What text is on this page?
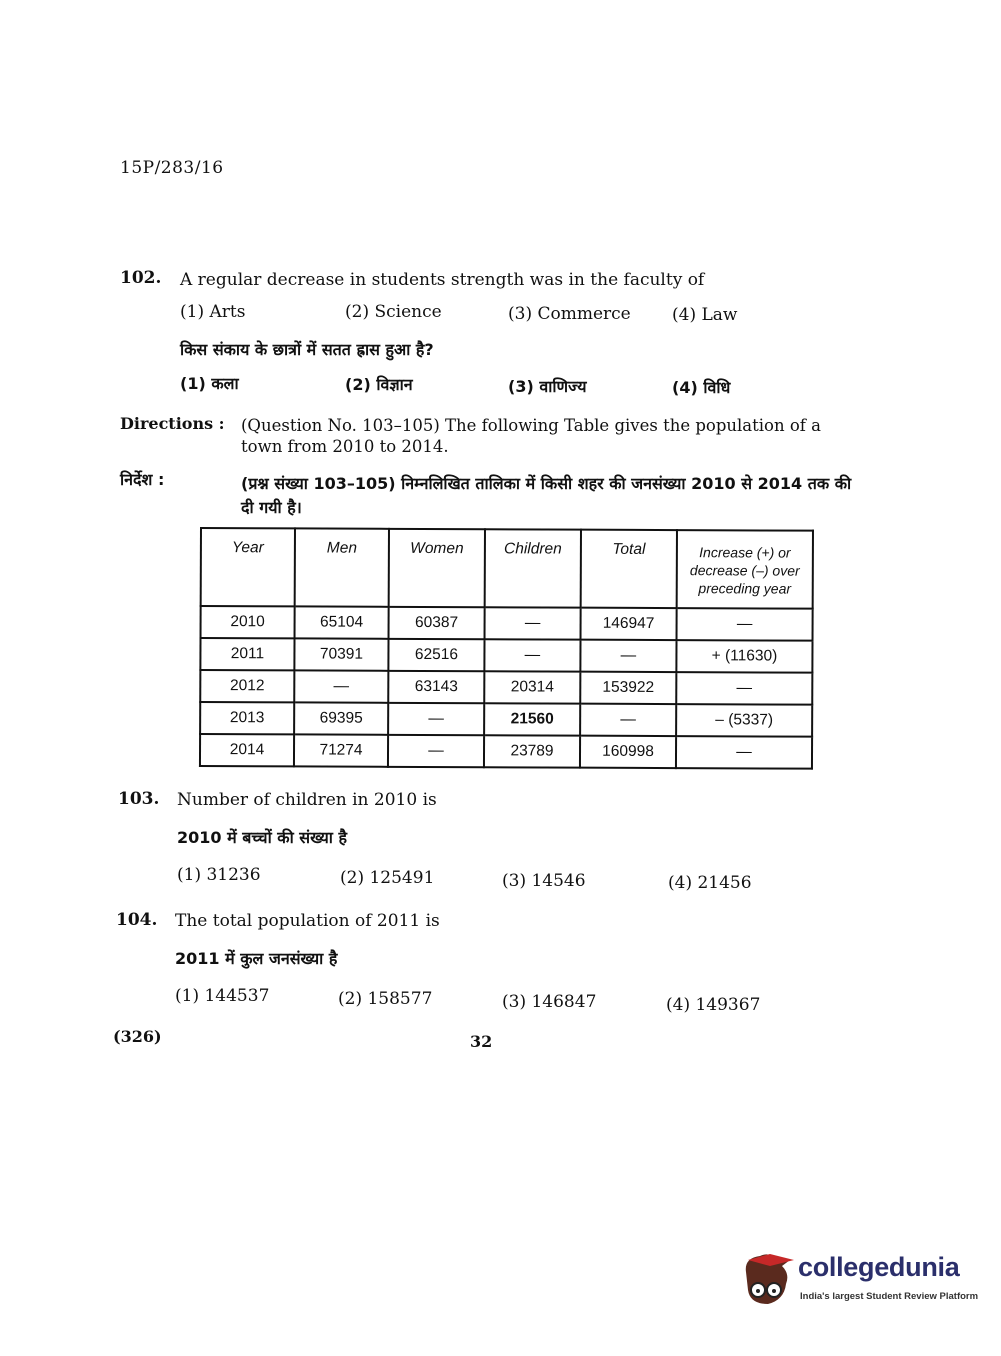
15P/283/16
102. A regular decrease in students strength was in the faculty of
(1) Arts	(2) Science	(3) Commerce (4) Law
किस संकाय के छात्रों में सतत ह्रास हुआ है?
(1) कला	(2) विज्ञान	(3) वाणिज्य	(4) विधि
Directions : (Question No. 103–105) The following Table gives the population of a town from 2010 to 2014.
निर्देश :	(प्रश्न संख्या 103–105) निम्नलिखित तालिका में किसी शहर की जनसंख्या 2010 से 2014 तक की दी गयी है।
Year	Men	Women	Children	Total	Increase (+) or decrease (–) over preceding year

2010	65104	60387	—	146947	—
2011	70391	62516	—	—	+ (11630)
2012	—	63143	20314	153922	—
2013	69395	—	21560	—	– (5337)
2014	71274	—	23789	160998	—
103. Number of children in 2010 is
2010 में बच्चों की संख्या है
(1) 31236	(2) 125491	(3) 14546	(4) 21456
104. The total population of 2011 is
2011 में कुल जनसंख्या है
(1) 144537	(2) 158577	(3) 146847	(4) 149367
(326)	32
collegedunia
India's largest Student Review Platform
